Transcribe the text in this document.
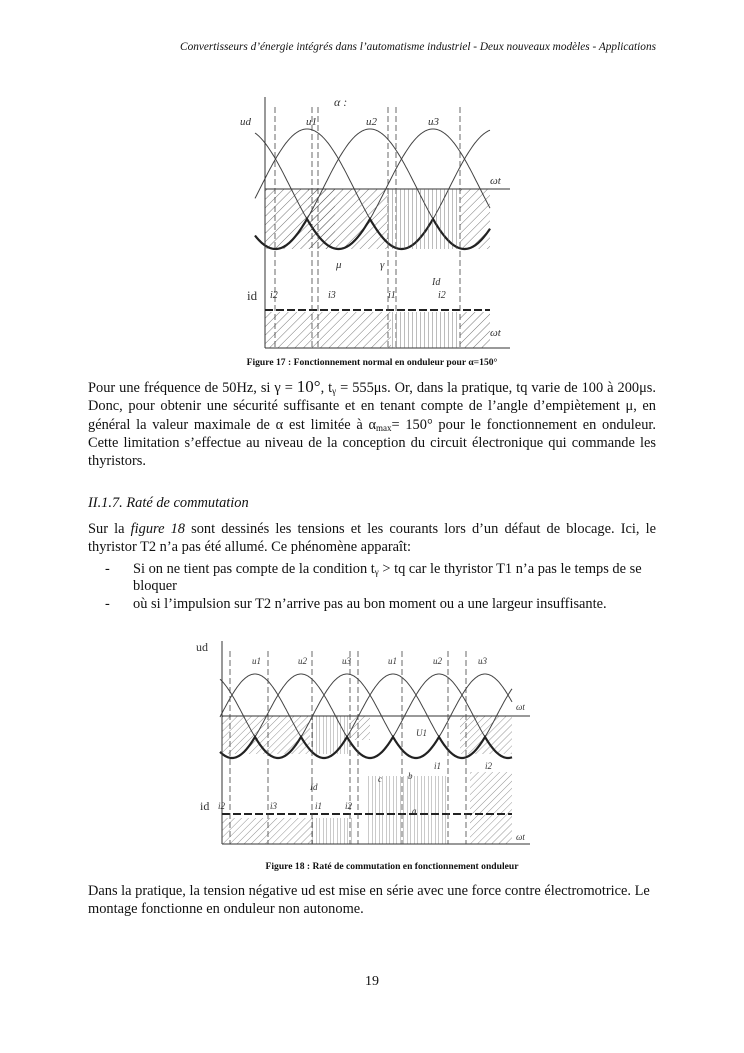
Convertisseurs d’énergie intégrés dans l’automatisme industriel - Deux nouveaux modèles - Applications
ud
α :
u1	u2	u3
ωt
μ	γ
Id
id i2	i3	i1	i2
ωt
Figure 17 : Fonctionnement normal en onduleur pour α=150°
Pour une fréquence de 50Hz, si γ = 10°, $t_\gamma = 555\mu s$. Or, dans la pratique, tq varie de 100 à 200μs. Donc, pour obtenir une sécurité suffisante et en tenant compte de l’angle d’empiètement μ, en général la valeur maximale de α est limitée à $\alpha_{max}= 150^\circ$ pour le fonctionnement en onduleur. Cette limitation s’effectue au niveau de la conception du circuit électronique qui commande les thyristors.
II.1.7. Raté de commutation
Sur la figure 18 sont dessinés les tensions et les courants lors d’un défaut de blocage. Ici, le thyristor T2 n’a pas été allumé. Ce phénomène apparaît:
- Si on ne tient pas compte de la condition $t_\gamma$ > tq car le thyristor T1 n’a pas le temps de se bloquer
- où si l’impulsion sur T2 n’arrive pas au bon moment ou a une largeur insuffisante.
ud
u1	u2	u3	u1	u2	u3
ωt
U1
id i2	i3	i1	i2
Id
c	b
a
i1	i2
ωt
Figure 18 : Raté de commutation en fonctionnement onduleur
Dans la pratique, la tension négative ud est mise en série avec une force contre électromotrice. Le montage fonctionne en onduleur non autonome.
19
